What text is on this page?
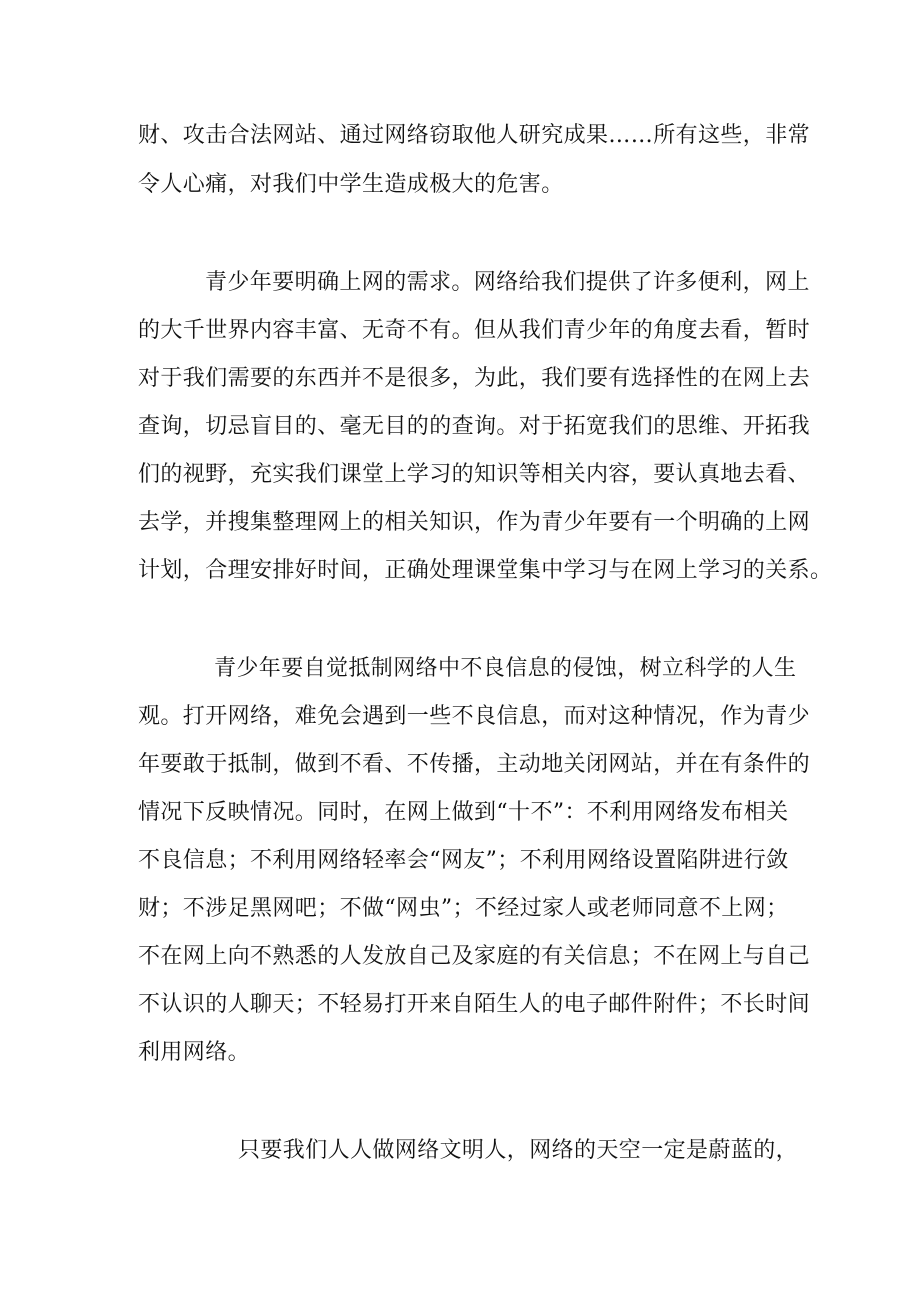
财、攻击合法网站、通过网络窃取他人研究成果……所有这些，非常
令人心痛，对我们中学生造成极大的危害。
青少年要明确上网的需求。网络给我们提供了许多便利，网上
的大千世界内容丰富、无奇不有。但从我们青少年的角度去看，暂时
对于我们需要的东西并不是很多，为此，我们要有选择性的在网上去
查询，切忌盲目的、毫无目的的查询。对于拓宽我们的思维、开拓我
们的视野，充实我们课堂上学习的知识等相关内容，要认真地去看、
去学，并搜集整理网上的相关知识，作为青少年要有一个明确的上网
计划，合理安排好时间，正确处理课堂集中学习与在网上学习的关系。
青少年要自觉抵制网络中不良信息的侵蚀，树立科学的人生
观。打开网络，难免会遇到一些不良信息，而对这种情况，作为青少
年要敢于抵制，做到不看、不传播，主动地关闭网站，并在有条件的
情况下反映情况。同时，在网上做到“十不”：不利用网络发布相关
不良信息；不利用网络轻率会“网友”；不利用网络设置陷阱进行敛
财；不涉足黑网吧；不做“网虫”；不经过家人或老师同意不上网；
不在网上向不熟悉的人发放自己及家庭的有关信息；不在网上与自己
不认识的人聊天；不轻易打开来自陌生人的电子邮件附件；不长时间
利用网络。
只要我们人人做网络文明人，网络的天空一定是蔚蓝的，
